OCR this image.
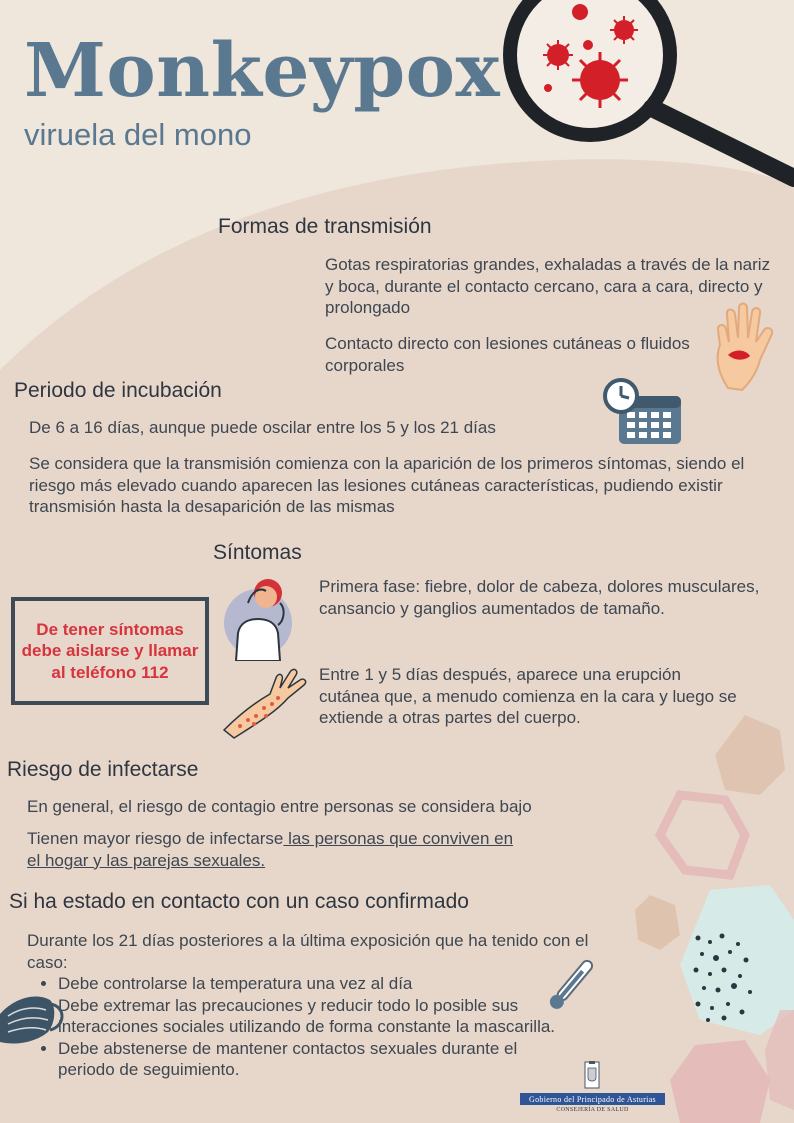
Monkeypox
viruela del mono
Formas de transmisión
Gotas respiratorias grandes, exhaladas a través de la nariz y boca, durante el contacto cercano, cara a cara, directo y prolongado
Contacto directo con lesiones cutáneas o fluidos corporales
Periodo de incubación
De 6 a 16 días, aunque puede oscilar entre los 5 y los 21 días
Se considera que la transmisión comienza con la aparición de los primeros síntomas, siendo el riesgo más elevado cuando aparecen las lesiones cutáneas características, pudiendo existir transmisión hasta la desaparición de las mismas
Síntomas
De tener síntomas debe aislarse y llamar al teléfono 112
Primera fase: fiebre, dolor de cabeza, dolores musculares, cansancio y ganglios aumentados de tamaño.
Entre 1 y 5 días después, aparece una erupción cutánea que, a menudo comienza en la cara y luego se extiende a otras partes del cuerpo.
Riesgo de infectarse
En general, el riesgo de contagio entre personas se considera bajo
Tienen mayor riesgo de infectarse las personas que conviven en el hogar y las parejas sexuales.
Si ha estado en contacto con un caso confirmado
Durante los 21 días posteriores a la última exposición que ha tenido con el caso:
• Debe controlarse la temperatura una vez al día
• Debe extremar las precauciones y reducir todo lo posible sus interacciones sociales utilizando de forma constante la mascarilla.
• Debe abstenerse de mantener contactos sexuales durante el periodo de seguimiento.
Gobierno del Principado de Asturias
CONSEJERÍA DE SALUD
